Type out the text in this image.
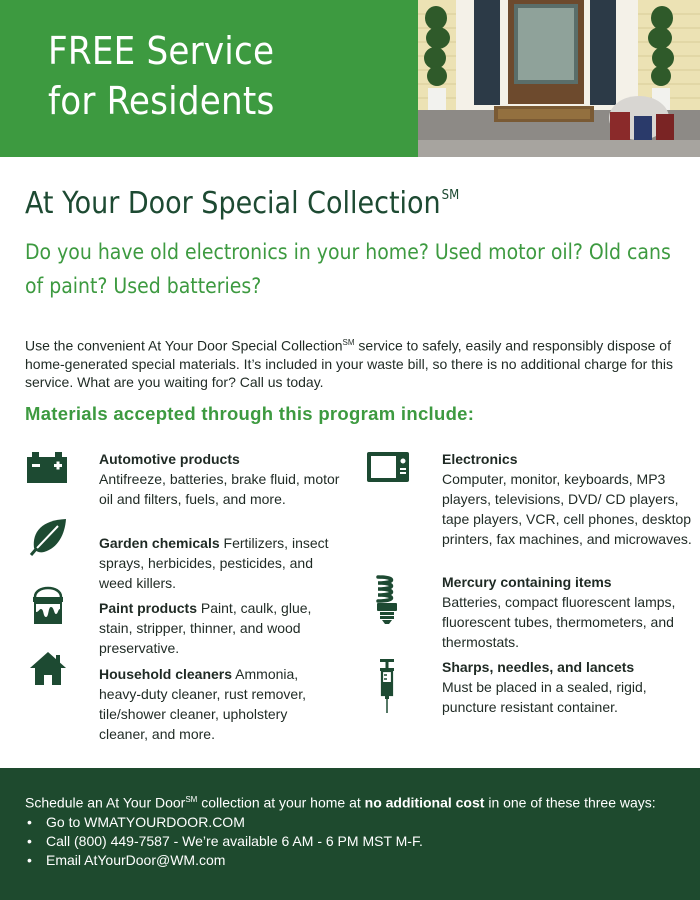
FREE Service
for Residents
At Your Door Special Collection℠
Do you have old electronics in your home? Used motor oil? Old cans of paint? Used batteries?
Use the convenient At Your Door Special Collection℠ service to safely, easily and responsibly dispose of home-generated special materials. It’s included in your waste bill, so there is no additional charge for this service. What are you waiting for? Call us today.
Materials accepted through this program include:
Automotive products
Antifreeze, batteries, brake fluid, motor oil and filters, fuels, and more.
Garden chemicals Fertilizers, insect sprays, herbicides, pesticides, and weed killers.
Paint products Paint, caulk, glue, stain, stripper, thinner, and wood preservative.
Household cleaners Ammonia, heavy-duty cleaner, rust remover, tile/shower cleaner, upholstery cleaner, and more.
Electronics
Computer, monitor, keyboards, MP3 players, televisions, DVD/ CD players, tape players, VCR, cell phones, desktop printers, fax machines, and microwaves.
Mercury containing items
Batteries, compact fluorescent lamps, fluorescent tubes, thermometers, and thermostats.
Sharps, needles, and lancets
Must be placed in a sealed, rigid, puncture resistant container.
Schedule an At Your Door℠ collection at your home at no additional cost in one of these three ways:
• Go to WMATYOURDOOR.COM
• Call (800) 449-7587 - We’re available 6 AM - 6 PM MST M-F.
• Email AtYourDoor@WM.com
